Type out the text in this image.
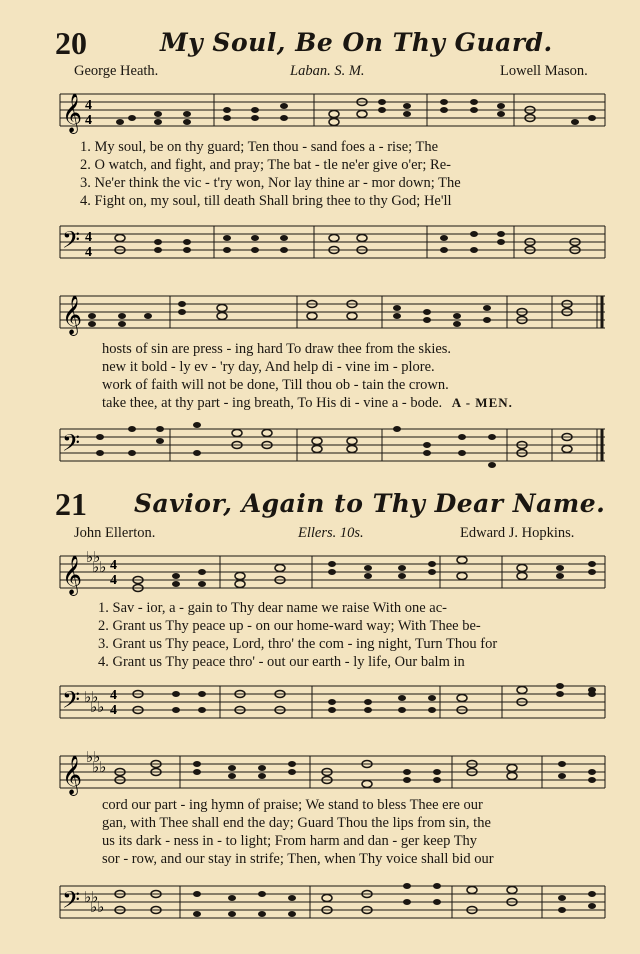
20	My Soul, Be On Thy Guard.
George Heath.	Laban. S. M.	Lowell Mason.
𝄞 4
4
1. My soul, be on thy guard; Ten thou - sand foes a - rise; The
2. O watch, and fight, and pray; The bat - tle ne'er give o'er; Re-
3. Ne'er think the vic - t'ry won, Nor lay thine ar - mor down; The
4. Fight on, my soul, till death Shall bring thee to thy God; He'll
𝄢 4
4
𝄞
hosts of sin are press - ing hard To draw thee from the skies.
new it bold - ly ev - 'ry day, And help di - vine im - plore.
work of faith will not be done, Till thou ob - tain the crown.
take thee, at thy part - ing breath, To His di - vine a - bode. A - MEN.
𝄢
21 Savior, Again to Thy Dear Name.
John Ellerton.	Ellers. 10s.	Edward J. Hopkins.
𝄞 ♭♭
♭♭ 4
4
1. Sav - ior, a - gain to Thy dear name we raise With one ac-
2. Grant us Thy peace up - on our home-ward way; With Thee be-
3. Grant us Thy peace, Lord, thro' the com - ing night, Turn Thou for
4. Grant us Thy peace thro' - out our earth - ly life, Our balm in
𝄢 ♭♭
♭♭
4
4
𝄞 ♭♭
♭♭
cord our part - ing hymn of praise; We stand to bless Thee ere our
gan, with Thee shall end the day; Guard Thou the lips from sin, the
us its dark - ness in - to light; From harm and dan - ger keep Thy
sor - row, and our stay in strife; Then, when Thy voice shall bid our
𝄢 ♭♭
♭♭
